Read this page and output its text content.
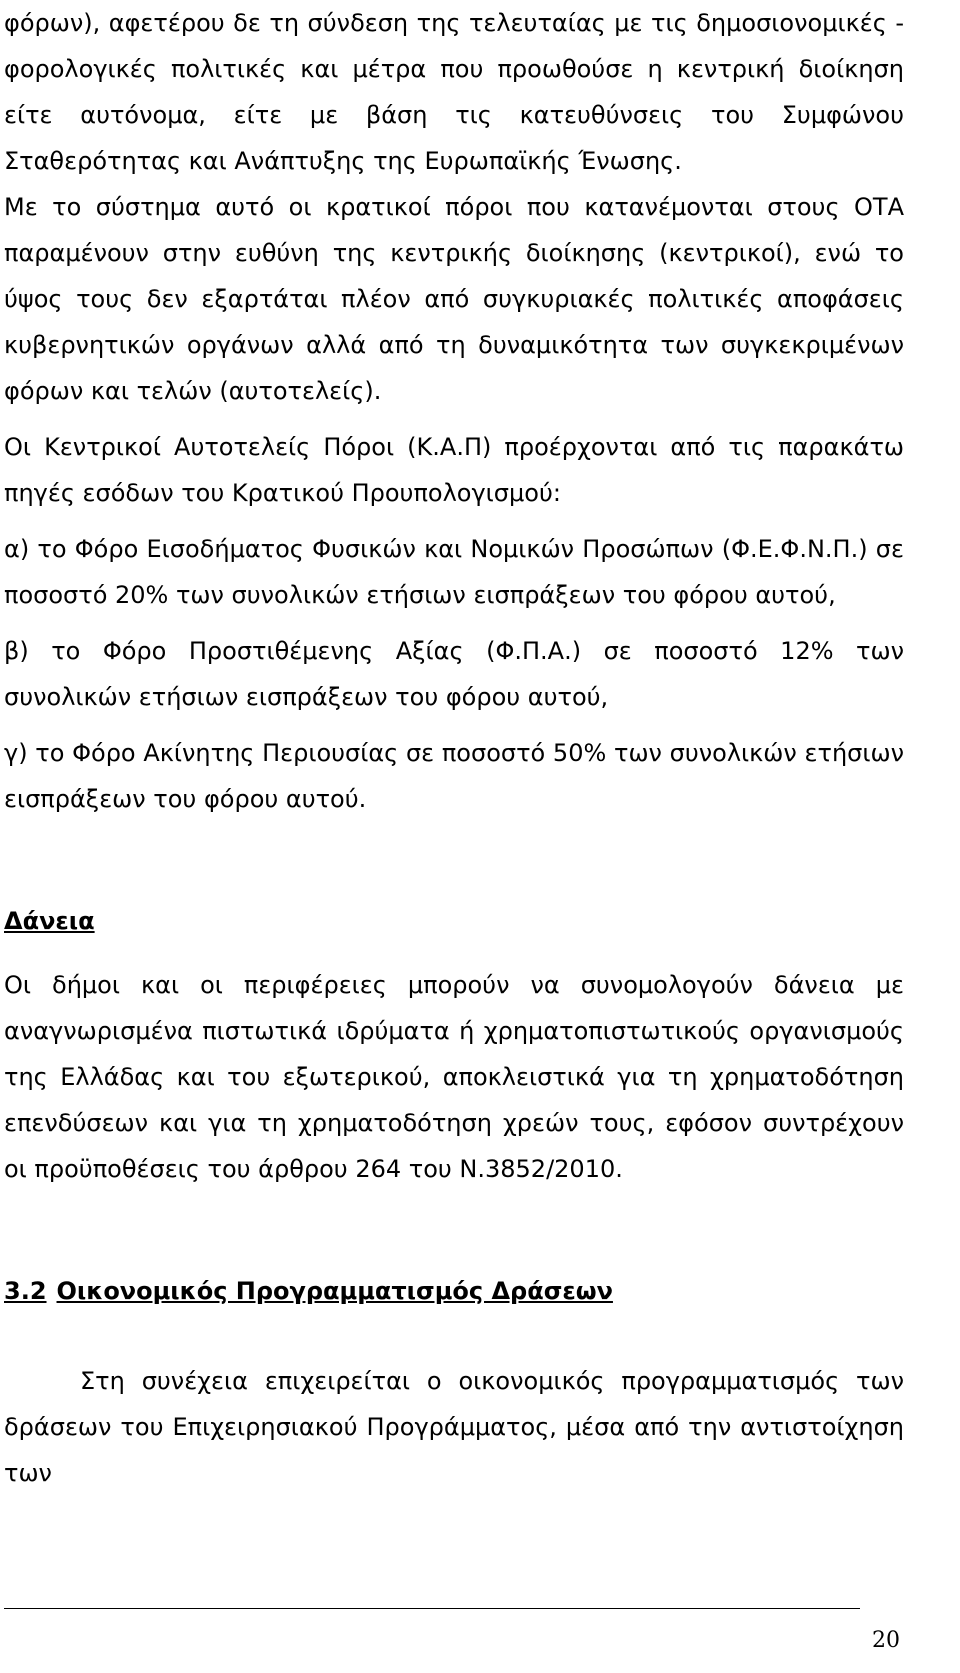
φόρων), αφετέρου δε τη σύνδεση της τελευταίας με τις δημοσιονομικές - φορολογικές πολιτικές και μέτρα που προωθούσε η κεντρική διοίκηση είτε αυτόνομα, είτε με βάση τις κατευθύνσεις του Συμφώνου Σταθερότητας και Ανάπτυξης της Ευρωπαϊκής Ένωσης.

Με το σύστημα αυτό οι κρατικοί πόροι που κατανέμονται στους ΟΤΑ παραμένουν στην ευθύνη της κεντρικής διοίκησης (κεντρικοί), ενώ το ύψος τους δεν εξαρτάται πλέον από συγκυριακές πολιτικές αποφάσεις κυβερνητικών οργάνων αλλά από τη δυναμικότητα των συγκεκριμένων φόρων και τελών (αυτοτελείς).

Οι Κεντρικοί Αυτοτελείς Πόροι (Κ.Α.Π) προέρχονται από τις παρακάτω πηγές εσόδων του Κρατικού Προυπολογισμού:

α) το Φόρο Εισοδήματος Φυσικών και Νομικών Προσώπων (Φ.Ε.Φ.Ν.Π.) σε ποσοστό 20% των συνολικών ετήσιων εισπράξεων του φόρου αυτού,

β) το Φόρο Προστιθέμενης Αξίας (Φ.Π.Α.) σε ποσοστό 12% των συνολικών ετήσιων εισπράξεων του φόρου αυτού,

γ) το Φόρο Ακίνητης Περιουσίας σε ποσοστό 50% των συνολικών ετήσιων εισπράξεων του φόρου αυτού.

Δάνεια

Οι δήμοι και οι περιφέρειες μπορούν να συνομολογούν δάνεια με αναγνωρισμένα πιστωτικά ιδρύματα ή χρηματοπιστωτικούς οργανισμούς της Ελλάδας και του εξωτερικού, αποκλειστικά για τη χρηματοδότηση επενδύσεων και για τη χρηματοδότηση χρεών τους, εφόσον συντρέχουν οι προϋποθέσεις του άρθρου 264 του Ν.3852/2010.

3.2 Οικονομικός Προγραμματισμός Δράσεων

Στη συνέχεια επιχειρείται ο οικονομικός προγραμματισμός των δράσεων του Επιχειρησιακού Προγράμματος, μέσα από την αντιστοίχηση των

20
